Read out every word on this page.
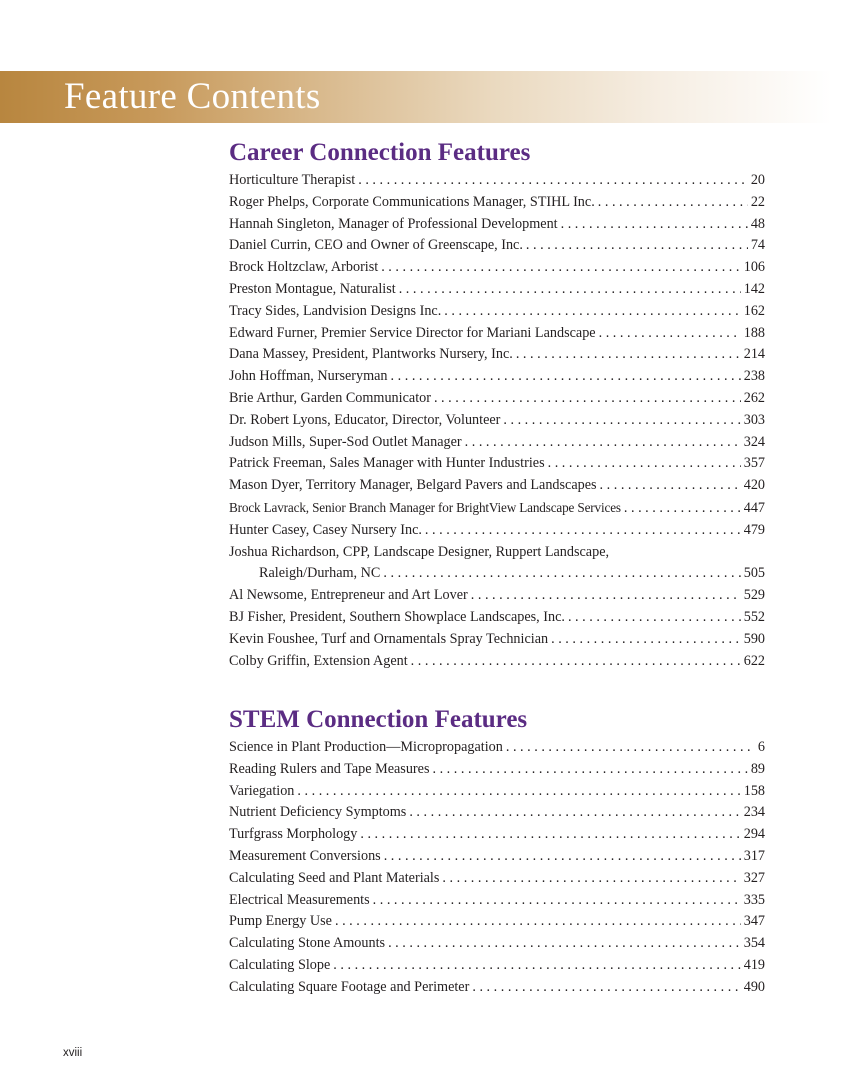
Feature Contents
Career Connection Features
Horticulture Therapist . . .	20
Roger Phelps, Corporate Communications Manager, STIHL Inc. . . .	22
Hannah Singleton, Manager of Professional Development . . .	48
Daniel Currin, CEO and Owner of Greenscape, Inc. . . .	74
Brock Holtzclaw, Arborist . . .	106
Preston Montague, Naturalist . . .	142
Tracy Sides, Landvision Designs Inc. . . .	162
Edward Furner, Premier Service Director for Mariani Landscape . . .	188
Dana Massey, President, Plantworks Nursery, Inc. . . .	214
John Hoffman, Nurseryman . . .	238
Brie Arthur, Garden Communicator . . .	262
Dr. Robert Lyons, Educator, Director, Volunteer . . .	303
Judson Mills, Super-Sod Outlet Manager . . .	324
Patrick Freeman, Sales Manager with Hunter Industries . . .	357
Mason Dyer, Territory Manager, Belgard Pavers and Landscapes . . .	420
Brock Lavrack, Senior Branch Manager for BrightView Landscape Services . . .	447
Hunter Casey, Casey Nursery Inc. . . .	479
Joshua Richardson, CPP, Landscape Designer, Ruppert Landscape,
Raleigh/Durham, NC . . .	505
Al Newsome, Entrepreneur and Art Lover . . .	529
BJ Fisher, President, Southern Showplace Landscapes, Inc. . . .	552
Kevin Foushee, Turf and Ornamentals Spray Technician . . .	590
Colby Griffin, Extension Agent . . .	622
STEM Connection Features
Science in Plant Production—Micropropagation . . .	6
Reading Rulers and Tape Measures . . .	89
Variegation . . .	158
Nutrient Deficiency Symptoms . . .	234
Turfgrass Morphology . . .	294
Measurement Conversions . . .	317
Calculating Seed and Plant Materials . . .	327
Electrical Measurements . . .	335
Pump Energy Use . . .	347
Calculating Stone Amounts . . .	354
Calculating Slope . . .	419
Calculating Square Footage and Perimeter . . .	490
xviii
